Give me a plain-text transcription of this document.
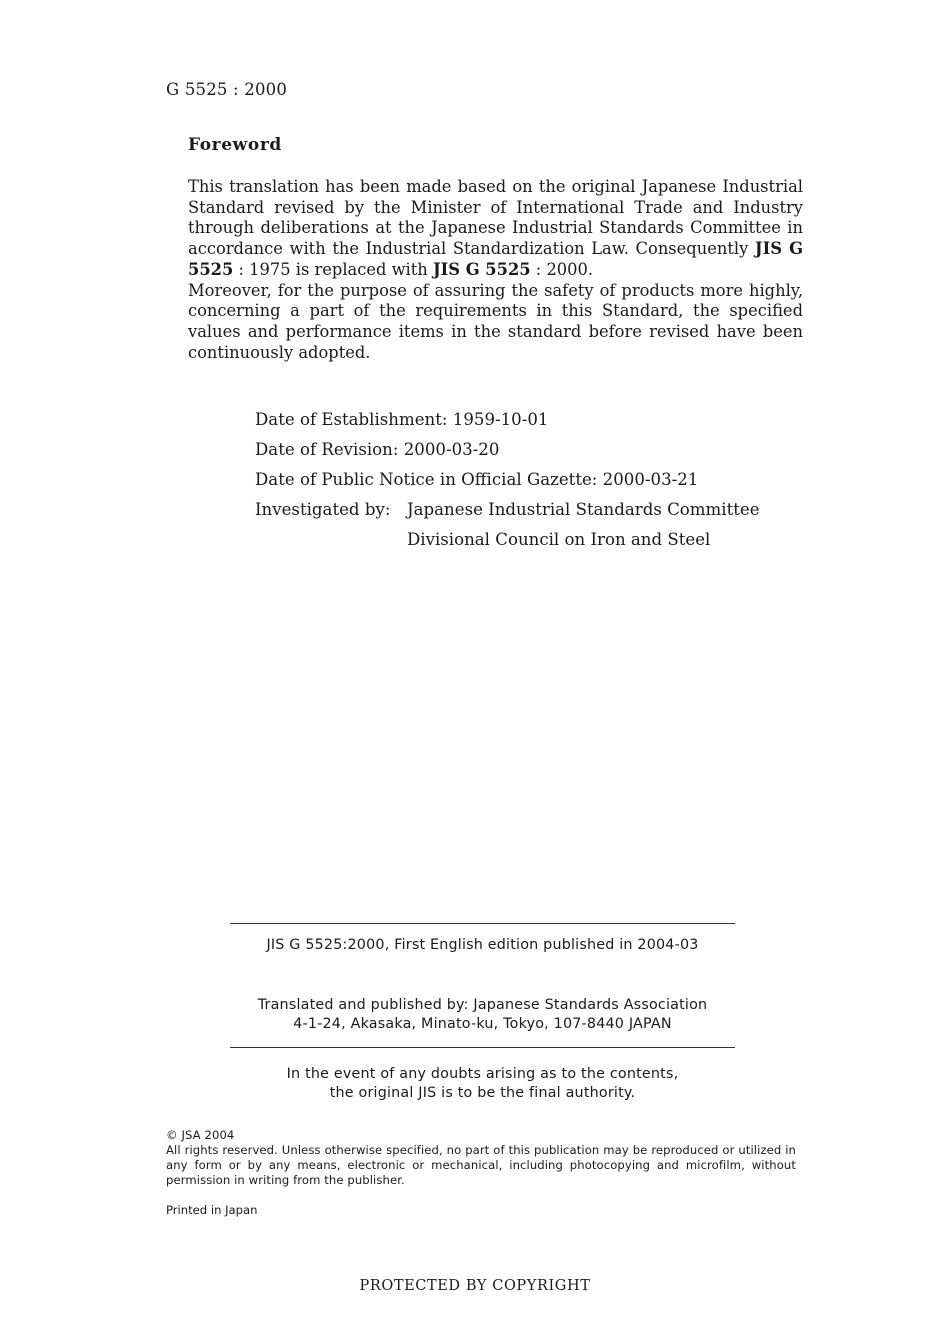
G 5525 : 2000
Foreword

This translation has been made based on the original Japanese Industrial Standard revised by the Minister of International Trade and Industry through deliberations at the Japanese Industrial Standards Committee in accordance with the Industrial Standardization Law. Consequently JIS G 5525 : 1975 is replaced with JIS G 5525 : 2000.

Moreover, for the purpose of assuring the safety of products more highly, concerning a part of the requirements in this Standard, the specified values and performance items in the standard before revised have been continuously adopted.

Date of Establishment: 1959-10-01
Date of Revision: 2000-03-20
Date of Public Notice in Official Gazette: 2000-03-21
Investigated by: Japanese Industrial Standards Committee
Divisional Council on Iron and Steel
JIS G 5525:2000, First English edition published in 2004-03
Translated and published by: Japanese Standards Association
4-1-24, Akasaka, Minato-ku, Tokyo, 107-8440 JAPAN
In the event of any doubts arising as to the contents,
the original JIS is to be the final authority.

© JSA 2004

All rights reserved. Unless otherwise specified, no part of this publication may be reproduced or utilized in any form or by any means, electronic or mechanical, including photocopying and microfilm, without permission in writing from the publisher.

Printed in Japan
PROTECTED BY COPYRIGHT
